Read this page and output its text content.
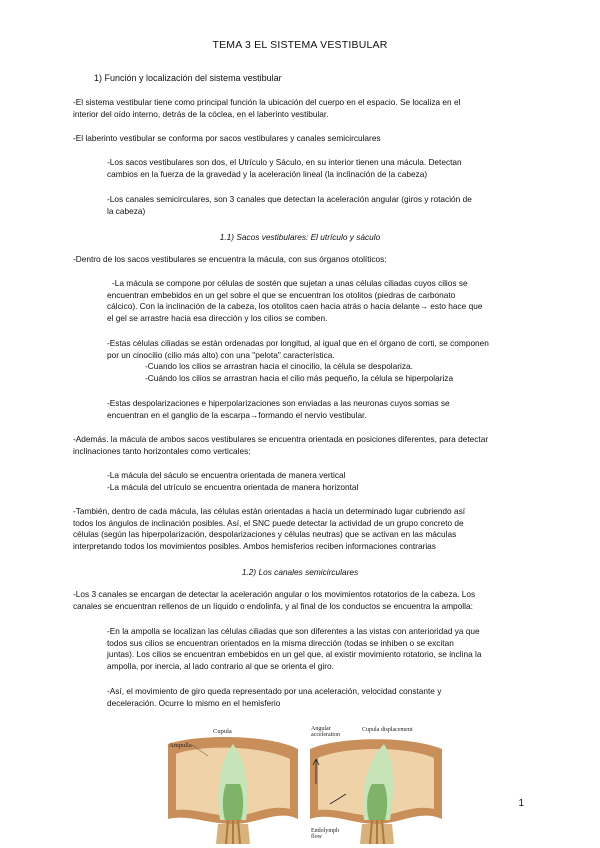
TEMA 3 EL SISTEMA VESTIBULAR
1) Función y localización del sistema vestibular
-El sistema vestibular tiene como principal función la ubicación del cuerpo en el espacio. Se localiza en el
interior del oído interno, detrás de la cóclea, en el laberinto vestibular.
-El laberinto vestibular se conforma por sacos vestibulares y canales semicirculares
-Los sacos vestibulares son dos, el Utrículo y Sáculo, en su interior tienen una mácula. Detectan
cambios en la fuerza de la gravedad y la aceleración lineal (la inclinación de la cabeza)
-Los canales semicirculares, son 3 canales que detectan la aceleración angular (giros y rotación de
la cabeza)
1.1) Sacos vestibulares: El utrículo y sáculo
-Dentro de los sacos vestibulares se encuentra la mácula, con sus órganos otolíticos:
-La mácula se compone por células de sostén que sujetan a unas células ciliadas cuyos cilios se
encuentran embebidos en un gel sobre el que se encuentran los otolitos (piedras de carbonato
cálcico). Con la inclinación de la cabeza, los otolitos caen hacia atrás o hacia delante→ esto hace que
el gel se arrastre hacia esa dirección y los cilios se comben.
-Estas células ciliadas se están ordenadas por longitud, al igual que en el órgano de corti, se componen
por un cinocilio (cilio más alto) con una "pelota" característica.
-Cuando los cilios se arrastran hacia el cinocilio, la célula se despolariza.
-Cuándo los cilios se arrastran hacia el cilio más pequeño, la célula se hiperpolariza
-Estas despolarizaciones e hiperpolarizaciones son enviadas a las neuronas cuyos somas se
encuentran en el ganglio de la escarpa→formando el nervio vestibular.
-Además. la mácula de ambos sacos vestibulares se encuentra orientada en posiciones diferentes, para detectar
inclinaciones tanto horizontales como verticales:
-La mácula del sáculo se encuentra orientada de manera vertical
-La mácula del utrículo se encuentra orientada de manera horizontal
-También, dentro de cada mácula, las células están orientadas a hacia un determinado lugar cubriendo así
todos los ángulos de inclinación posibles. Así, el SNC puede detectar la actividad de un grupo concreto de
células (según las hiperpolarización, despolarizaciones y células neutras) que se activan en las máculas
interpretando todos los movimientos posibles. Ambos hemisferios reciben informaciones contrarias
1.2) Los canales semicirculares
-Los 3 canales se encargan de detectar la aceleración angular o los movimientos rotatorios de la cabeza. Los
canales se encuentran rellenos de un líquido o endolinfa, y al final de los conductos se encuentra la ampolla:
-En la ampolla se localizan las células ciliadas que son diferentes a las vistas con anterioridad ya que
todos sus cilios se encuentran orientados en la misma dirección (todas se inhiben o se excitan
juntas). Los cilios se encuentran embebidos en un gel que, al existir movimiento rotatorio, se inclina la
ampolla, por inercia, al lado contrario al que se orienta el giro.
-Así, el movimiento de giro queda representado por una aceleración, velocidad constante y
deceleración. Ocurre lo mismo en el hemisferio
Cupula
Ampulla
Angular
acceleration
Cupula displacement
Endolymph
flow
1
